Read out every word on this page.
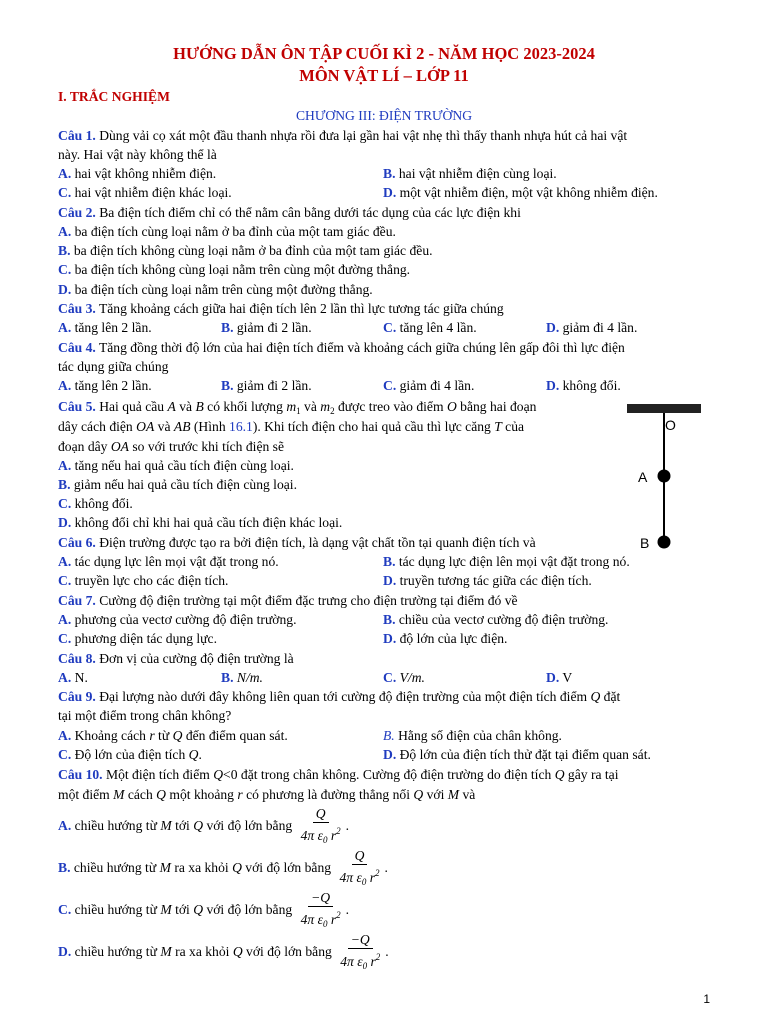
HƯỚNG DẪN ÔN TẬP CUỐI KÌ 2 - NĂM HỌC 2023-2024
MÔN VẬT LÍ – LỚP 11
I. TRẮC NGHIỆM
CHƯƠNG III: ĐIỆN TRƯỜNG
Câu 1. Dùng vải cọ xát một đầu thanh nhựa rồi đưa lại gần hai vật nhẹ thì thấy thanh nhựa hút cả hai vật
này. Hai vật này không thể là
A. hai vật không nhiễm điện.	B. hai vật nhiễm điện cùng loại.
C. hai vật nhiễm điện khác loại.	D. một vật nhiễm điện, một vật không nhiễm điện.
Câu 2. Ba điện tích điểm chỉ có thể nằm cân bằng dưới tác dụng của các lực điện khi
A. ba điện tích cùng loại nằm ở ba đỉnh của một tam giác đều.
B. ba điện tích không cùng loại nằm ở ba đỉnh của một tam giác đều.
C. ba điện tích không cùng loại nằm trên cùng một đường thẳng.
D. ba điện tích cùng loại nằm trên cùng một đường thẳng.
Câu 3. Tăng khoảng cách giữa hai điện tích lên 2 lần thì lực tương tác giữa chúng
A. tăng lên 2 lần.	B. giảm đi 2 lần.	C. tăng lên 4 lần.	D. giảm đi 4 lần.
Câu 4. Tăng đồng thời độ lớn của hai điện tích điểm và khoảng cách giữa chúng lên gấp đôi thì lực điện
tác dụng giữa chúng
A. tăng lên 2 lần.	B. giảm đi 2 lần.	C. giảm đi 4 lần.	D. không đổi.
Câu 5. Hai quả cầu A và B có khối lượng $m_1$ và $m_2$ được treo vào điểm O bằng hai đoạn
dây cách điện OA và AB (Hình 16.1). Khi tích điện cho hai quả cầu thì lực căng T của
đoạn dây OA so với trước khi tích điện sẽ
A. tăng nếu hai quả cầu tích điện cùng loại.
B. giảm nếu hai quả cầu tích điện cùng loại.
C. không đổi.
D. không đổi chỉ khi hai quả cầu tích điện khác loại.
O
A
B
Câu 6. Điện trường được tạo ra bởi điện tích, là dạng vật chất tồn tại quanh điện tích và
A. tác dụng lực lên mọi vật đặt trong nó.	B. tác dụng lực điện lên mọi vật đặt trong nó.
C. truyền lực cho các điện tích.	D. truyền tương tác giữa các điện tích.
Câu 7. Cường độ điện trường tại một điểm đặc trưng cho điện trường tại điểm đó về
A. phương của vectơ cường độ điện trường.	B. chiều của vectơ cường độ điện trường.
C. phương diện tác dụng lực.	D. độ lớn của lực điện.
Câu 8. Đơn vị của cường độ điện trường là
A. N.	B. N/m.	C. V/m.	D. V
Câu 9. Đại lượng nào dưới đây không liên quan tới cường độ điện trường của một điện tích điểm Q đặt
tại một điểm trong chân không?
A. Khoảng cách r từ Q đến điểm quan sát.	B. Hằng số điện của chân không.
C. Độ lớn của điện tích Q.	D. Độ lớn của điện tích thử đặt tại điểm quan sát.
Câu 10. Một điện tích điểm Q<0 đặt trong chân không. Cường độ điện trường do điện tích Q gây ra tại
một điểm M cách Q một khoảng r có phương là đường thẳng nối Q với M và
A. chiều hướng từ M tới Q với độ lớn bằng $\frac{Q}{4\pi \varepsilon_0 r^2}$ .
B. chiều hướng từ M ra xa khỏi Q với độ lớn bằng $\frac{Q}{4\pi \varepsilon_0 r^2}$ .
C. chiều hướng từ M tới Q với độ lớn bằng $\frac{-Q}{4\pi \varepsilon_0 r^2}$ .
D. chiều hướng từ M ra xa khỏi Q với độ lớn bằng $\frac{-Q}{4\pi \varepsilon_0 r^2}$ .
1
